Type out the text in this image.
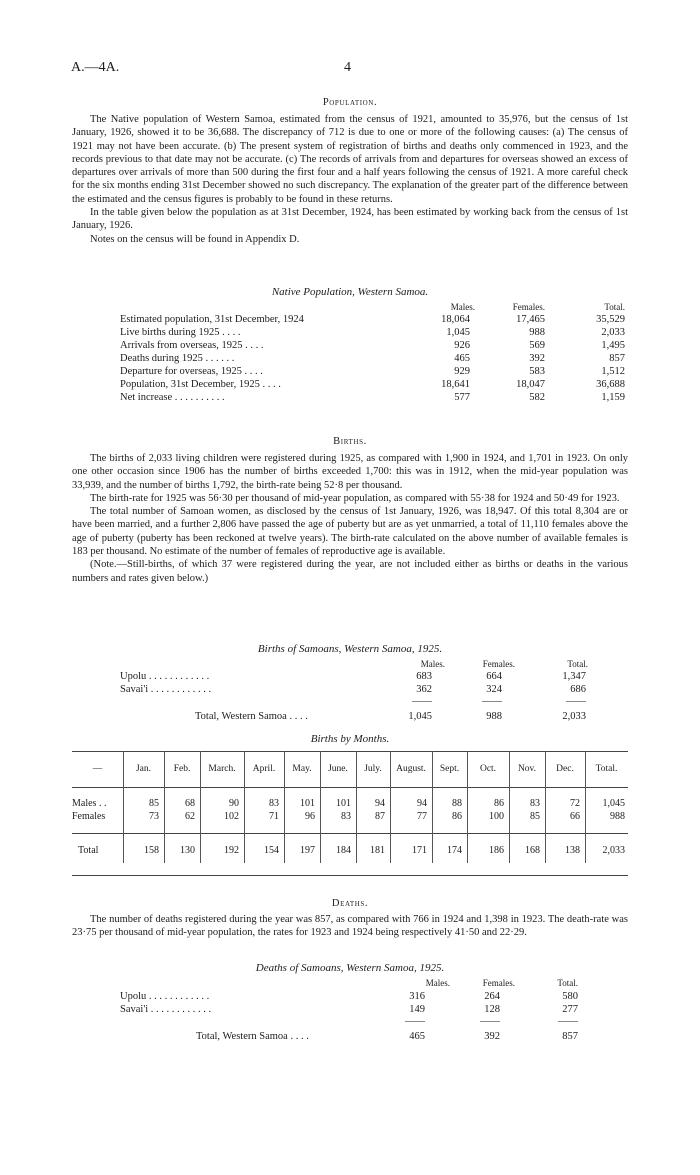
A.—4A.	4
Population.

The Native population of Western Samoa, estimated from the census of 1921, amounted to 35,976, but the census of 1st January, 1926, showed it to be 36,688. The discrepancy of 712 is due to one or more of the following causes: (a) The census of 1921 may not have been accurate. (b) The present system of registration of births and deaths only commenced in 1923, and the records previous to that date may not be accurate. (c) The records of arrivals from and departures for overseas showed an excess of departures over arrivals of more than 500 during the first four and a half years following the census of 1921. A more careful check for the six months ending 31st December showed no such discrepancy. The explanation of the greater part of the difference between the estimated and the census figures is probably to be found in these returns.

In the table given below the population as at 31st December, 1924, has been estimated by working back from the census of 1st January, 1926.

Notes on the census will be found in Appendix D.

Native Population, Western Samoa.
Males.	Females.	Total.
Estimated population, 31st December, 1924	18,064	17,465	35,529
Live births during 1925 . . . .	1,045	988	2,033
Arrivals from overseas, 1925 . . . .	926	569	1,495
Deaths during 1925 . . . . . .	465	392	857
Departure for overseas, 1925 . . . .	929	583	1,512
Population, 31st December, 1925 . . . .	18,641	18,047	36,688
Net increase . . . . . . . . . .	577	582	1,159
Births.

The births of 2,033 living children were registered during 1925, as compared with 1,900 in 1924, and 1,701 in 1923. On only one other occasion since 1906 has the number of births exceeded 1,700: this was in 1912, when the mid-year population was 33,939, and the number of births 1,792, the birth-rate being 52·8 per thousand.

The birth-rate for 1925 was 56·30 per thousand of mid-year population, as compared with 55·38 for 1924 and 50·49 for 1923.

The total number of Samoan women, as disclosed by the census of 1st January, 1926, was 18,947. Of this total 8,304 are or have been married, and a further 2,806 have passed the age of puberty but are as yet unmarried, a total of 11,110 females above the age of puberty (puberty has been reckoned at twelve years). The birth-rate calculated on the above number of available females is 183 per thousand. No estimate of the number of females of reproductive age is available.

(Note.—Still-births, of which 37 were registered during the year, are not included either as births or deaths in the various numbers and rates given below.)

Births of Samoans, Western Samoa, 1925.
Males.	Females.	Total.
Upolu . . . . . . . . . . . .	683	664	1,347
Savai'i . . . . . . . . . . . .	362	324	686
——	——	——
Total, Western Samoa . . . .	1,045	988	2,033
Births by Months.
—	Jan.	Feb.	March.	April.	May.	June.	July.	August.	Sept.	Oct.	Nov.	Dec.	Total.
Males . .	85	68	90	83	101	101	94	94	88	86	83	72	1,045
Females	73	62	102	71	96	83	87	77	86	100	85	66	988
Total	158	130	192	154	197	184	181	171	174	186	168	138	2,033
Deaths.

The number of deaths registered during the year was 857, as compared with 766 in 1924 and 1,398 in 1923. The death-rate was 23·75 per thousand of mid-year population, the rates for 1923 and 1924 being respectively 41·50 and 22·29.

Deaths of Samoans, Western Samoa, 1925.
Males.	Females.	Total.
Upolu . . . . . . . . . . . .	316	264	580
Savai'i . . . . . . . . . . . .	149	128	277
——	——	——
Total, Western Samoa . . . .	465	392	857
